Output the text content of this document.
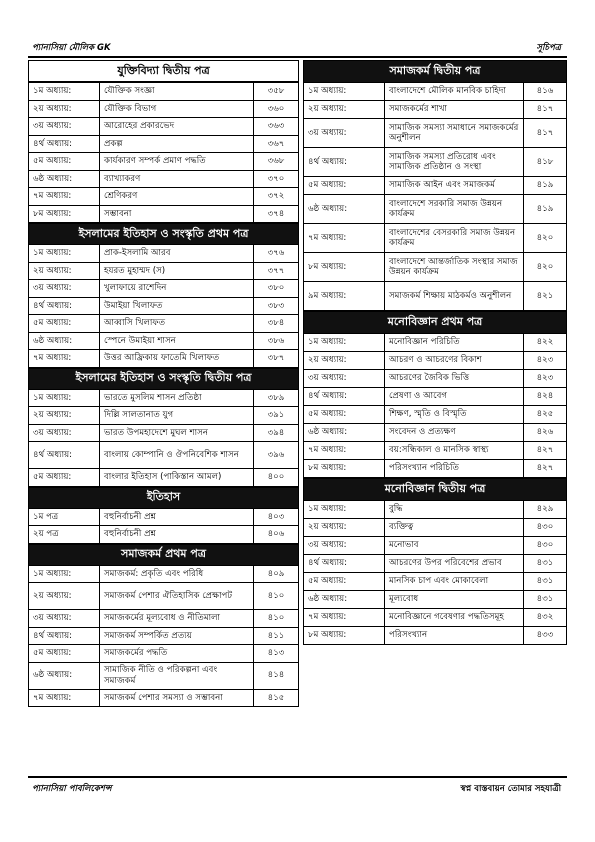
প্যানাসিয়া মৌলিক GK	সূচিপত্র
যুক্তিবিদ্যা দ্বিতীয় পত্র
১ম অধ্যায়:	যৌক্তিক সংজ্ঞা	৩৫৮
২য় অধ্যায়:	যৌক্তিক বিভাগ	৩৬০
৩য় অধ্যায়:	আরোহের প্রকারভেদ	৩৬৩
৪র্থ অধ্যায়:	প্রকল্প	৩৬৭
৫ম অধ্যায়:	কার্যকারণ সম্পর্ক প্রমাণ পদ্ধতি	৩৬৮
৬ষ্ঠ অধ্যায়:	ব্যাখ্যাকরণ	৩৭০
৭ম অধ্যায়:	শ্রেণিকরণ	৩৭২
৮ম অধ্যায়:	সম্ভাবনা	৩৭৪
ইসলামের ইতিহাস ও সংস্কৃতি প্রথম পত্র
১ম অধ্যায়:	প্রাক-ইসলামি আরব	৩৭৬
২য় অধ্যায়:	হযরত মুহাম্মদ (স)	৩৭৭
৩য় অধ্যায়:	খুলাফায়ে রাশেদিন	৩৮০
৪র্থ অধ্যায়:	উমাইয়া খিলাফত	৩৮৩
৫ম অধ্যায়:	আব্বাসি খিলাফত	৩৮৪
৬ষ্ঠ অধ্যায়:	স্পেনে উমাইয়া শাসন	৩৮৬
৭ম অধ্যায়:	উত্তর আফ্রিকায় ফাতেমি খিলাফত	৩৮৭
ইসলামের ইতিহাস ও সংস্কৃতি দ্বিতীয় পত্র
১ম অধ্যায়:	ভারতে মুসলিম শাসন প্রতিষ্ঠা	৩৮৯
২য় অধ্যায়:	দিল্লি সালতানাত যুগ	৩৯১
৩য় অধ্যায়:	ভারত উপমহাদেশে মুঘল শাসন	৩৯৪
৪র্থ অধ্যায়:	বাংলায় কোম্পানি ও ঔপনিবেশিক শাসন	৩৯৬
৫ম অধ্যায়:	বাংলার ইতিহাস (পাকিস্তান আমল)	৪০০
ইতিহাস
১ম পত্র	বহুনির্বাচনী প্রশ্ন	৪০৩
২য় পত্র	বহুনির্বাচনী প্রশ্ন	৪০৬
সমাজকর্ম প্রথম পত্র
১ম অধ্যায়:	সমাজকর্ম: প্রকৃতি এবং পরিধি	৪০৯
২য় অধ্যায়:	সমাজকর্ম পেশার ঐতিহাসিক প্রেক্ষাপট	৪১০
৩য় অধ্যায়:	সমাজকর্মের মূল্যবোধ ও নীতিমালা	৪১০
৪র্থ অধ্যায়:	সমাজকর্ম সম্পর্কিত প্রত্যয়	৪১১
৫ম অধ্যায়:	সমাজকর্মের পদ্ধতি	৪১৩
৬ষ্ঠ অধ্যায়:	সামাজিক নীতি ও পরিকল্পনা এবং সমাজকর্ম	৪১৪
৭ম অধ্যায়:	সমাজকর্ম পেশার সমস্যা ও সম্ভাবনা	৪১৫
সমাজকর্ম দ্বিতীয় পত্র
১ম অধ্যায়:	বাংলাদেশে মৌলিক মানবিক চাহিদা	৪১৬
২য় অধ্যায়:	সমাজকর্মের শাখা	৪১৭
৩য় অধ্যায়:	সামাজিক সমস্যা সমাধানে সমাজকর্মের অনুশীলন	৪১৭
৪র্থ অধ্যায়:	সামাজিক সমস্যা প্রতিরোধ এবং সামাজিক প্রতিষ্ঠান ও সংস্থা	৪১৮
৫ম অধ্যায়:	সামাজিক আইন এবং সমাজকর্ম	৪১৯
৬ষ্ঠ অধ্যায়:	বাংলাদেশে সরকারি সমাজ উন্নয়ন কার্যক্রম	৪১৯
৭ম অধ্যায়:	বাংলাদেশের বেসরকারি সমাজ উন্নয়ন কার্যক্রম	৪২০
৮ম অধ্যায়:	বাংলাদেশে আন্তর্জাতিক সংস্থার সমাজ উন্নয়ন কার্যক্রম	৪২০
৯ম অধ্যায়:	সমাজকর্ম শিক্ষায় মাঠকর্মও অনুশীলন	৪২১
মনোবিজ্ঞান প্রথম পত্র
১ম অধ্যায়:	মনোবিজ্ঞান পরিচিতি	৪২২
২য় অধ্যায়:	আচরণ ও আচরণের বিকাশ	৪২৩
৩য় অধ্যায়:	আচরণের জৈবিক ভিত্তি	৪২৩
৪র্থ অধ্যায়:	প্রেষণা ও আবেগ	৪২৪
৫ম অধ্যায়:	শিক্ষণ, স্মৃতি ও বিস্মৃতি	৪২৫
৬ষ্ঠ অধ্যায়:	সংবেদন ও প্রত্যক্ষণ	৪২৬
৭ম অধ্যায়:	বয়:সন্ধিকাল ও মানসিক স্বাস্থ্য	৪২৭
৮ম অধ্যায়:	পরিসংখ্যান পরিচিতি	৪২৭
মনোবিজ্ঞান দ্বিতীয় পত্র
১ম অধ্যায়:	বুদ্ধি	৪২৯
২য় অধ্যায়:	ব্যক্তিত্ব	৪৩০
৩য় অধ্যায়:	মনোভাব	৪৩০
৪র্থ অধ্যায়:	আচরণের উপর পরিবেশের প্রভাব	৪৩১
৫ম অধ্যায়:	মানসিক চাপ এবং মোকাবেলা	৪৩১
৬ষ্ঠ অধ্যায়:	মূল্যবোধ	৪৩১
৭ম অধ্যায়:	মনোবিজ্ঞানে গবেষণার পদ্ধতিসমূহ	৪৩২
৮ম অধ্যায়:	পরিসংখ্যান	৪৩৩
প্যানাসিয়া পাবলিকেশন্স	স্বপ্ন বাস্তবায়ন তোমার সহযাত্রী
